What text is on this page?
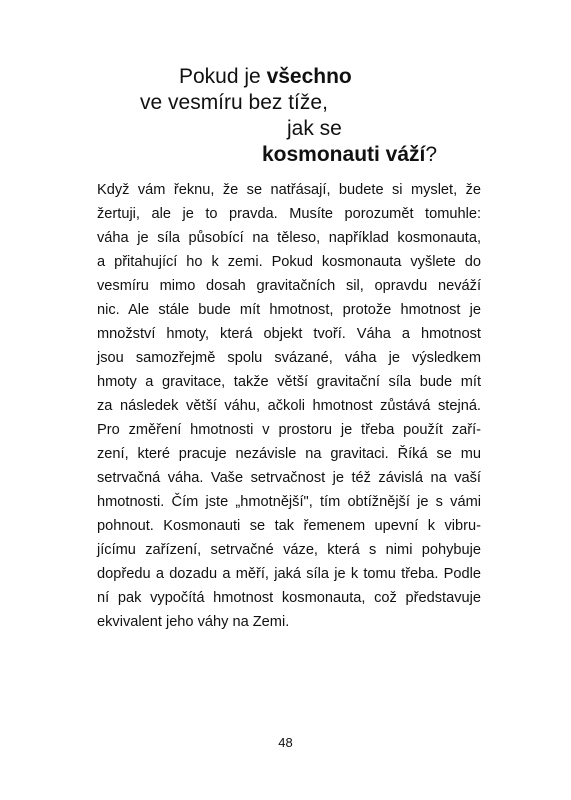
Pokud je všechno
ve vesmíru bez tíže,
jak se
kosmonauti váží?
Když vám řeknu, že se natřásají, budete si myslet, že
žertuji, ale je to pravda. Musíte porozumět tomuhle:
váha je síla působící na těleso, například kosmonauta,
a přitahující ho k zemi. Pokud kosmonauta vyšlete do
vesmíru mimo dosah gravitačních sil, opravdu neváží
nic. Ale stále bude mít hmotnost, protože hmotnost je
množství hmoty, která objekt tvoří. Váha a hmotnost
jsou samozřejmě spolu svázané, váha je výsledkem
hmoty a gravitace, takže větší gravitační síla bude mít
za následek větší váhu, ačkoli hmotnost zůstává stejná.
Pro změření hmotnosti v prostoru je třeba použít zaří-
zení, které pracuje nezávisle na gravitaci. Říká se mu
setrvačná váha. Vaše setrvačnost je též závislá na vaší
hmotnosti. Čím jste „hmotnější", tím obtížnější je s vámi
pohnout. Kosmonauti se tak řemenem upevní k vibru-
jícímu zařízení, setrvačné váze, která s nimi pohybuje
dopředu a dozadu a měří, jaká síla je k tomu třeba. Podle
ní pak vypočítá hmotnost kosmonauta, což představuje
ekvivalent jeho váhy na Zemi.
48
